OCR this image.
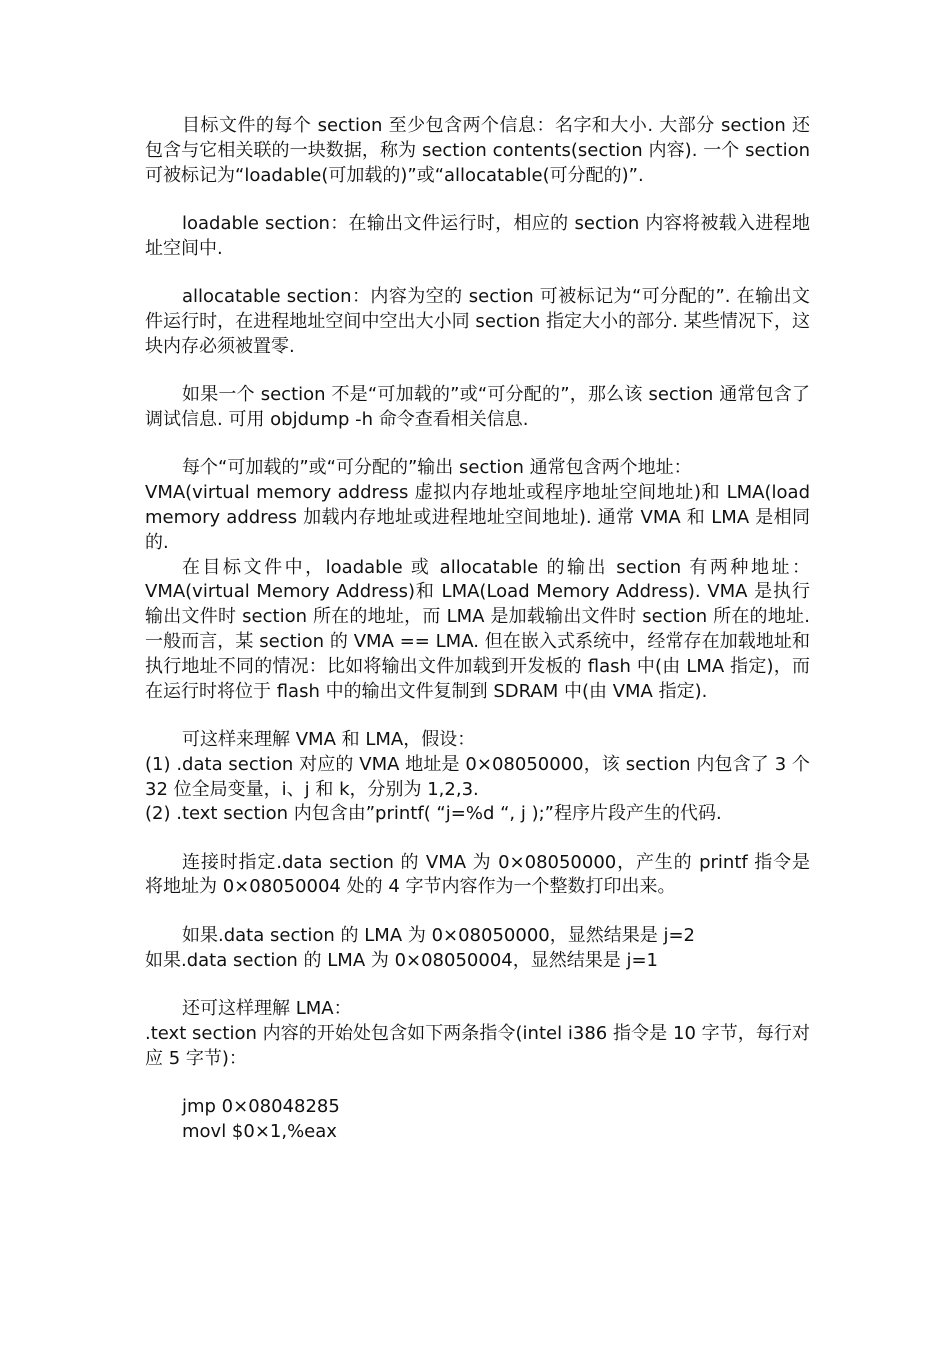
目标文件的每个 section 至少包含两个信息：名字和大小. 大部分 section 还包含与它相关联的一块数据，称为 section contents(section 内容). 一个 section 可被标记为“loadable(可加载的)”或“allocatable(可分配的)”.

loadable section：在输出文件运行时，相应的 section 内容将被载入进程地址空间中.

allocatable section：内容为空的 section 可被标记为“可分配的”. 在输出文件运行时，在进程地址空间中空出大小同 section 指定大小的部分. 某些情况下，这块内存必须被置零.

如果一个 section 不是“可加载的”或“可分配的”，那么该 section 通常包含了调试信息. 可用 objdump -h 命令查看相关信息.

每个“可加载的”或“可分配的”输出 section 通常包含两个地址：

VMA(virtual memory address 虚拟内存地址或程序地址空间地址)和 LMA(load memory address 加载内存地址或进程地址空间地址). 通常 VMA 和 LMA 是相同的.

在目标文件中，loadable 或 allocatable 的输出 section 有两种地址：VMA(virtual Memory Address)和 LMA(Load Memory Address). VMA 是执行输出文件时 section 所在的地址，而 LMA 是加载输出文件时 section 所在的地址. 一般而言，某 section 的 VMA == LMA. 但在嵌入式系统中，经常存在加载地址和执行地址不同的情况：比如将输出文件加载到开发板的 flash 中(由 LMA 指定)，而在运行时将位于 flash 中的输出文件复制到 SDRAM 中(由 VMA 指定).

可这样来理解 VMA 和 LMA，假设：

(1) .data section 对应的 VMA 地址是 0×08050000，该 section 内包含了 3 个 32 位全局变量，i、j 和 k，分别为 1,2,3.

(2) .text section 内包含由”printf( “j=%d “, j );”程序片段产生的代码.

连接时指定.data section 的 VMA 为 0×08050000，产生的 printf 指令是将地址为 0×08050004 处的 4 字节内容作为一个整数打印出来。

如果.data section 的 LMA 为 0×08050000，显然结果是 j=2

如果.data section 的 LMA 为 0×08050004，显然结果是 j=1

还可这样理解 LMA：

.text section 内容的开始处包含如下两条指令(intel i386 指令是 10 字节，每行对应 5 字节)：

jmp 0×08048285

movl $0×1,%eax
